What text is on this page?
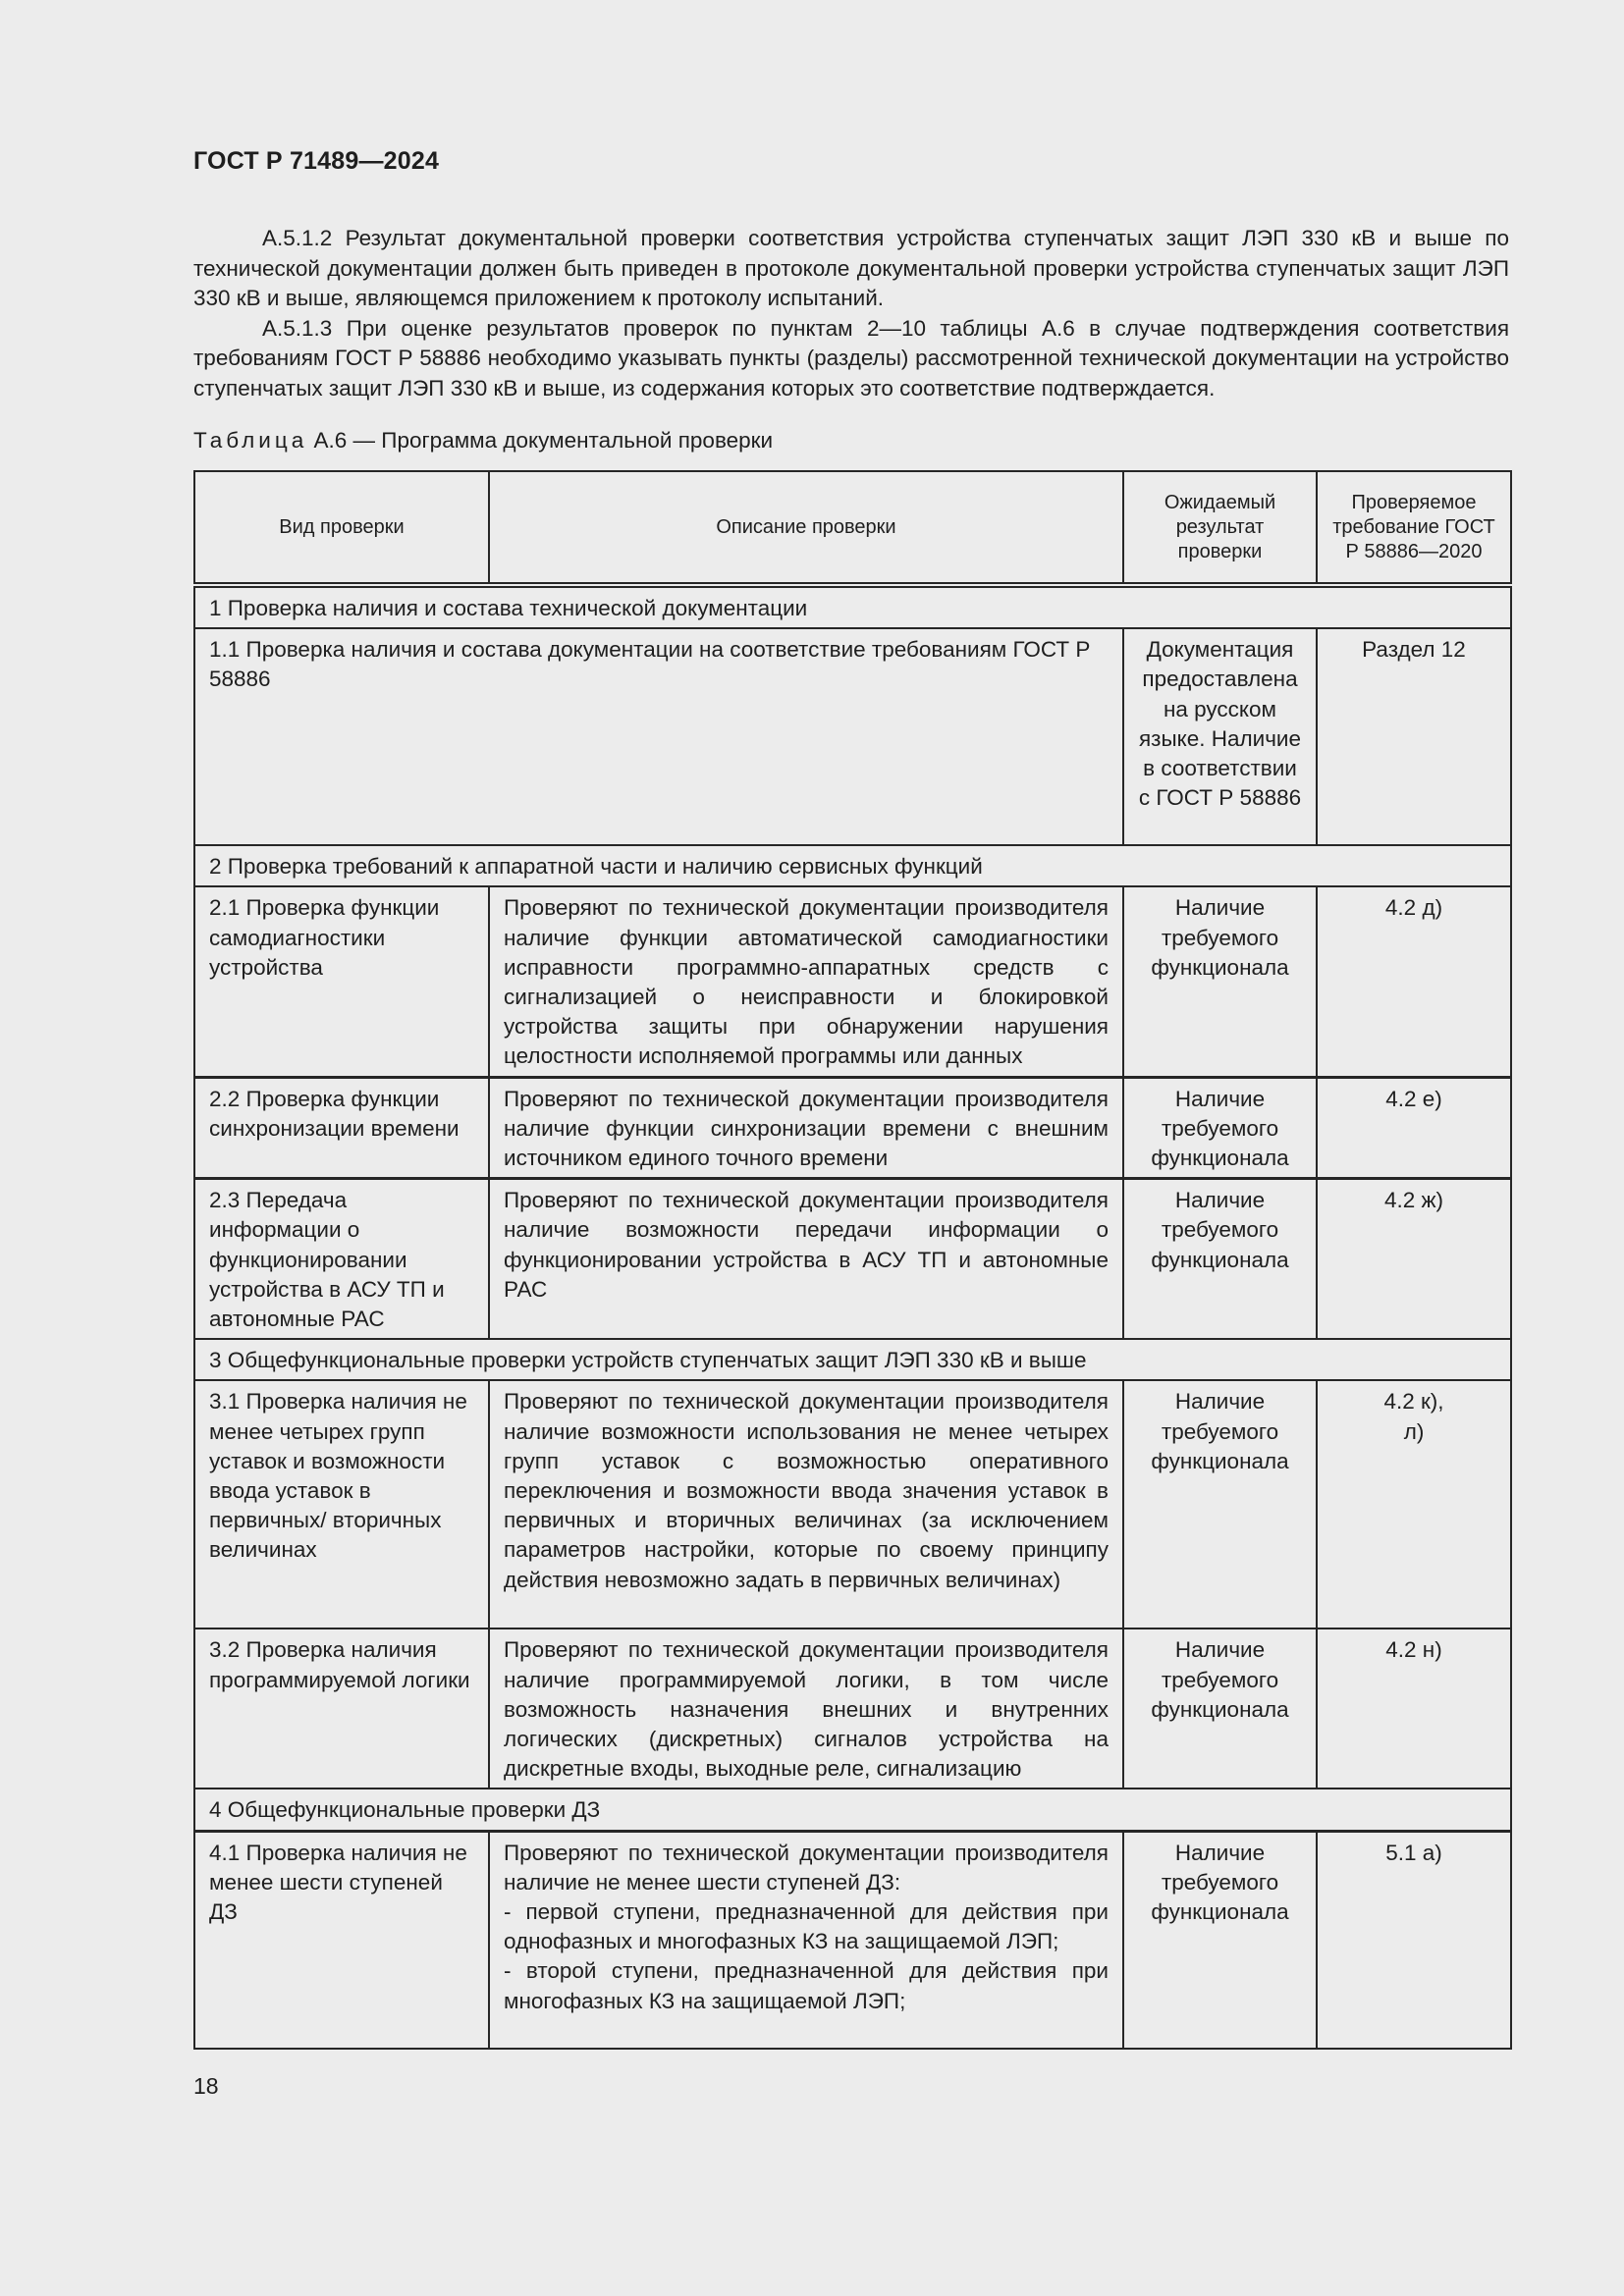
ГОСТ Р 71489—2024

А.5.1.2 Результат документальной проверки соответствия устройства ступенчатых защит ЛЭП 330 кВ и выше по технической документации должен быть приведен в протоколе документальной проверки устройства ступенчатых защит ЛЭП 330 кВ и выше, являющемся приложением к протоколу испытаний.

А.5.1.3 При оценке результатов проверок по пунктам 2—10 таблицы А.6 в случае подтверждения соответствия требованиям ГОСТ Р 58886 необходимо указывать пункты (разделы) рассмотренной технической документации на устройство ступенчатых защит ЛЭП 330 кВ и выше, из содержания которых это соответствие подтверждается.

Таблица А.6 — Программа документальной проверки
Вид проверки	Описание проверки	Ожидаемый результат проверки	Проверяемое требование ГОСТ Р 58886—2020
1 Проверка наличия и состава технической документации			
1.1 Проверка наличия и состава документации на соответствие требованиям ГОСТ Р 58886		Документация предоставлена на русском языке. Наличие в соответствии с ГОСТ Р 58886	Раздел 12
2 Проверка требований к аппаратной части и наличию сервисных функций			
2.1 Проверка функции самодиагностики устройства	Проверяют по технической документации производителя наличие функции автоматической самодиагностики исправности программно-аппаратных средств с сигнализацией о неисправности и блокировкой устройства защиты при обнаружении нарушения целостности исполняемой программы или данных	Наличие требуемого функционала	4.2 д)
2.2 Проверка функции синхронизации времени	Проверяют по технической документации производителя наличие функции синхронизации времени с внешним источником единого точного времени	Наличие требуемого функционала	4.2 е)
2.3 Передача информации о функционировании устройства в АСУ ТП и автономные РАС	Проверяют по технической документации производителя наличие возможности передачи информации о функционировании устройства в АСУ ТП и автономные РАС	Наличие требуемого функционала	4.2 ж)
3 Общефункциональные проверки устройств ступенчатых защит ЛЭП 330 кВ и выше			
3.1 Проверка наличия не менее четырех групп уставок и возможности ввода уставок в первичных/ вторичных величинах	Проверяют по технической документации производителя наличие возможности использования не менее четырех групп уставок с возможностью оперативного переключения и возможности ввода значения уставок в первичных и вторичных величинах (за исключением параметров настройки, которые по своему принципу действия невозможно задать в первичных величинах)	Наличие требуемого функционала	4.2 к), л)
3.2 Проверка наличия программируемой логики	Проверяют по технической документации производителя наличие программируемой логики, в том числе возможность назначения внешних и внутренних логических (дискретных) сигналов устройства на дискретные входы, выходные реле, сигнализацию	Наличие требуемого функционала	4.2 н)
4 Общефункциональные проверки ДЗ			
4.1 Проверка наличия не менее шести ступеней ДЗ	Проверяют по технической документации производителя наличие не менее шести ступеней ДЗ:
- первой ступени, предназначенной для действия при однофазных и многофазных КЗ на защищаемой ЛЭП;
- второй ступени, предназначенной для действия при многофазных КЗ на защищаемой ЛЭП;	Наличие требуемого функционала	5.1 а)
18
